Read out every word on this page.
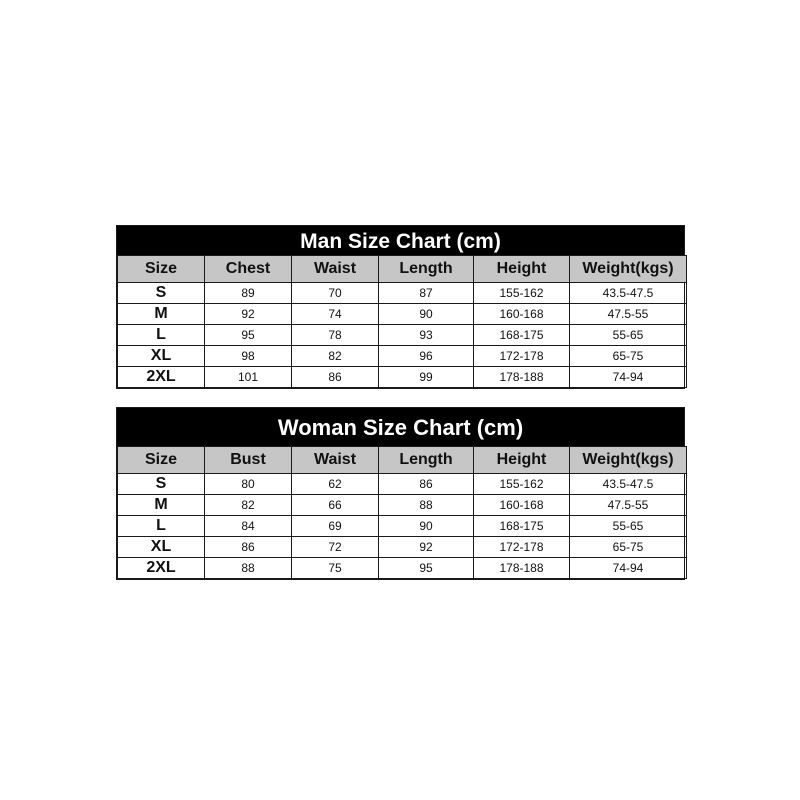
Man Size Chart (cm)
Size	Chest	Waist	Length	Height	Weight(kgs)
S	89	70	87	155-162	43.5-47.5
M	92	74	90	160-168	47.5-55
L	95	78	93	168-175	55-65
XL	98	82	96	172-178	65-75
2XL	101	86	99	178-188	74-94
Woman Size Chart (cm)
Size	Bust	Waist	Length	Height	Weight(kgs)
S	80	62	86	155-162	43.5-47.5
M	82	66	88	160-168	47.5-55
L	84	69	90	168-175	55-65
XL	86	72	92	172-178	65-75
2XL	88	75	95	178-188	74-94
